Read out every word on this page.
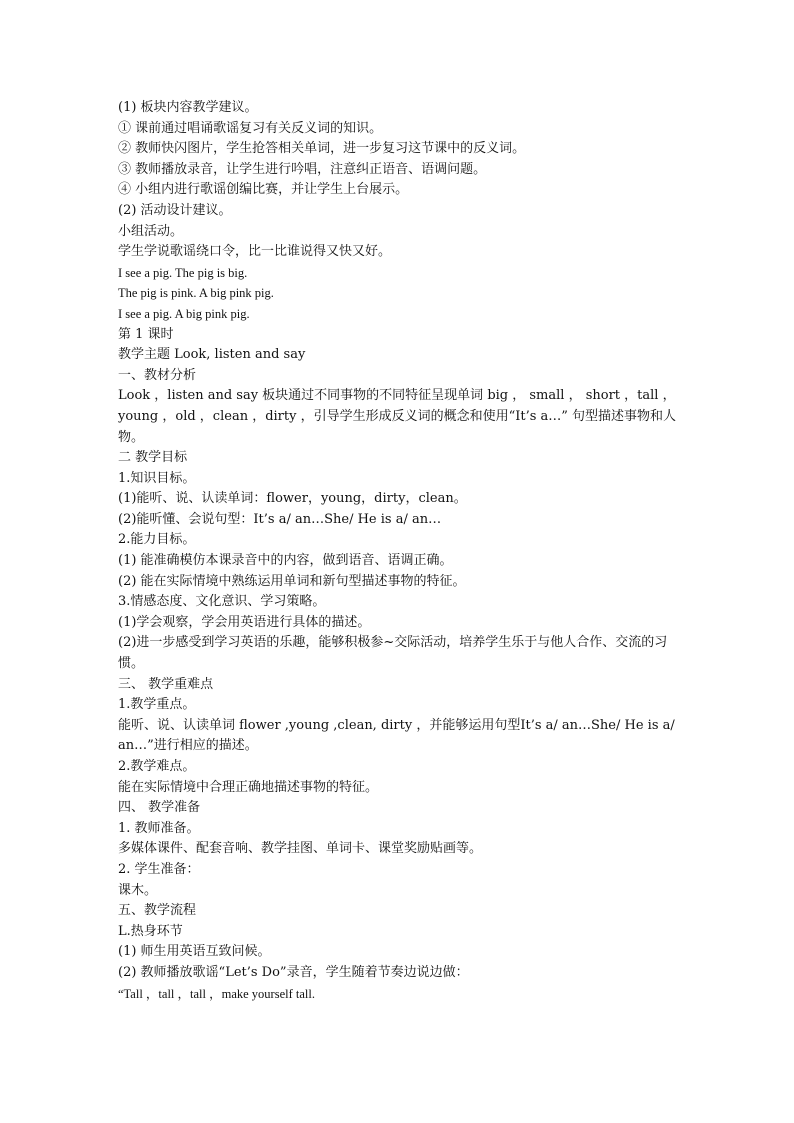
(1) 板块内容教学建议。

① 课前通过唱诵歌谣复习有关反义词的知识。

② 教师快闪图片，学生抢答相关单词，进一步复习这节课中的反义词。

③ 教师播放录音，让学生进行吟唱，注意纠正语音、语调问题。

④ 小组内进行歌谣创编比赛，并让学生上台展示。

(2) 活动设计建议。

小组活动。

学生学说歌谣绕口令，比一比谁说得又快又好。

I see a pig. The pig is big.

The pig is pink. A big pink pig.

I see a pig. A big pink pig.

第 1 课时

教学主题 Look, listen and say

一、教材分析

Look ，listen and say 板块通过不同事物的不同特征呈现单词 big ， small ， short ，tall ，young ，old ，clean ，dirty ，引导学生形成反义词的概念和使用“It’s a…” 句型描述事物和人物。

二 教学目标

1.知识目标。

(1)能听、说、认读单词：flower，young，dirty，clean。

(2)能听懂、会说句型：It’s a/ an…She/ He is a/ an…

2.能力目标。

(1) 能准确模仿本课录音中的内容，做到语音、语调正确。

(2) 能在实际情境中熟练运用单词和新句型描述事物的特征。

3.情感态度、文化意识、学习策略。

(1)学会观察，学会用英语进行具体的描述。

(2)进一步感受到学习英语的乐趣，能够积极参~交际活动，培养学生乐于与他人合作、交流的习惯。

三、 教学重难点

1.教学重点。

能听、说、认读单词 flower ,young ,clean, dirty ，并能够运用句型It’s a/ an…She/ He is a/ an…”进行相应的描述。

2.教学难点。

能在实际情境中合理正确地描述事物的特征。

四、 教学准备

1. 教师准备。

多媒体课件、配套音响、教学挂图、单词卡、课堂奖励贴画等。

2. 学生准备：

课木。

五、教学流程

L.热身环节

(1) 师生用英语互致问候。

(2) 教师播放歌谣“Let’s Do”录音，学生随着节奏边说边做：

“Tall ，tall ，tall ，make yourself tall.
